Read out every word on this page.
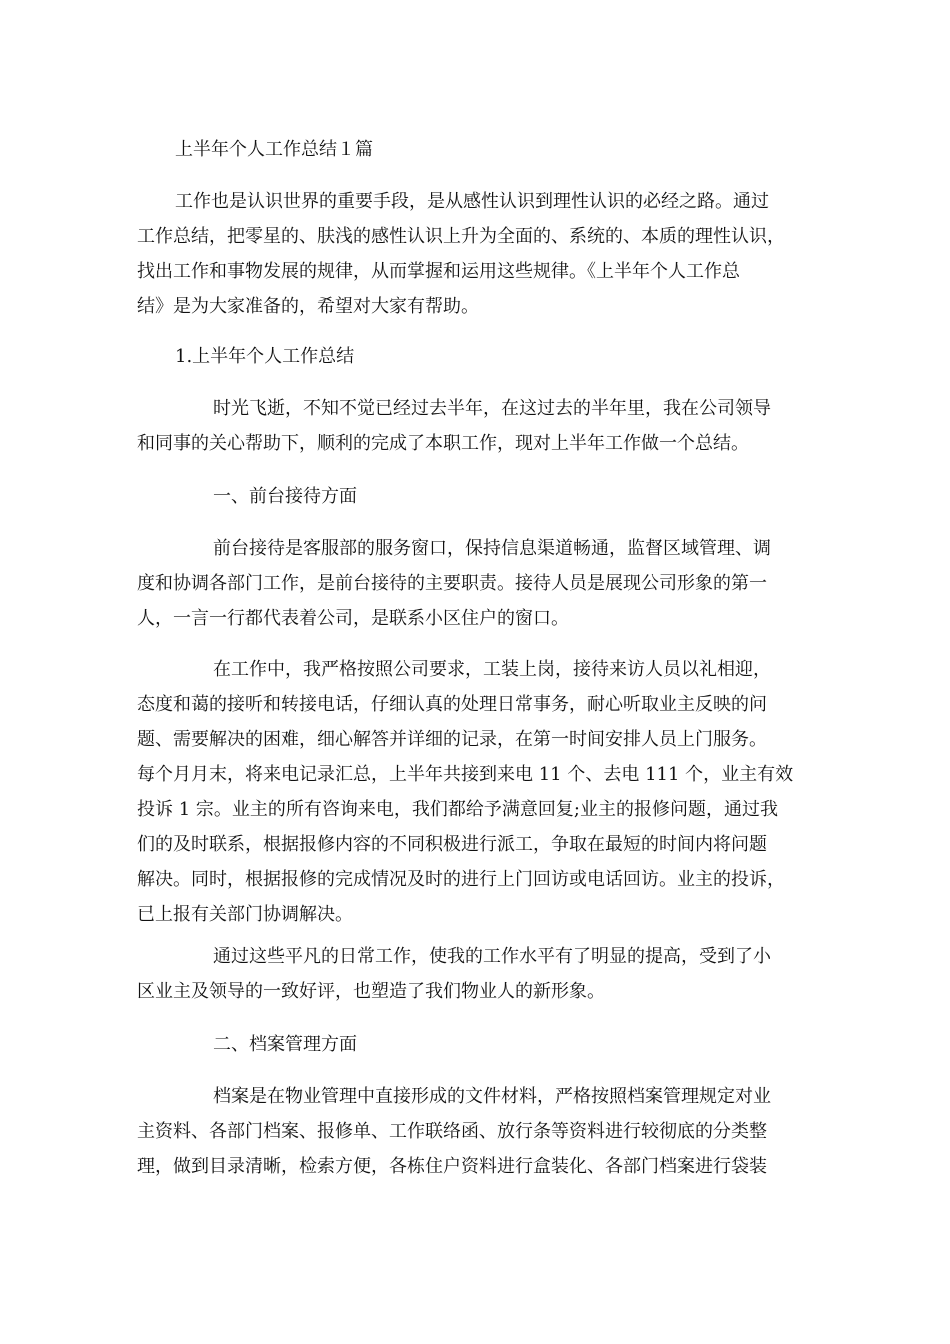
上半年个人工作总结１篇

工作也是认识世界的重要手段，是从感性认识到理性认识的必经之路。通过
工作总结，把零星的、肤浅的感性认识上升为全面的、系统的、本质的理性认识，
找出工作和事物发展的规律，从而掌握和运用这些规律。《上半年个人工作总
结》是为大家准备的，希望对大家有帮助。

1.上半年个人工作总结

时光飞逝，不知不觉已经过去半年，在这过去的半年里，我在公司领导
和同事的关心帮助下，顺利的完成了本职工作，现对上半年工作做一个总结。

一、前台接待方面

前台接待是客服部的服务窗口，保持信息渠道畅通，监督区域管理、调
度和协调各部门工作，是前台接待的主要职责。接待人员是展现公司形象的第一
人，一言一行都代表着公司，是联系小区住户的窗口。
在工作中，我严格按照公司要求，工装上岗，接待来访人员以礼相迎，
态度和蔼的接听和转接电话，仔细认真的处理日常事务，耐心听取业主反映的问
题、需要解决的困难，细心解答并详细的记录，在第一时间安排人员上门服务。
每个月月末，将来电记录汇总，上半年共接到来电 11 个、去电 111 个，业主有效
投诉 1 宗。业主的所有咨询来电，我们都给予满意回复;业主的报修问题，通过我
们的及时联系，根据报修内容的不同积极进行派工，争取在最短的时间内将问题
解决。同时，根据报修的完成情况及时的进行上门回访或电话回访。业主的投诉，
已上报有关部门协调解决。
通过这些平凡的日常工作，使我的工作水平有了明显的提高，受到了小
区业主及领导的一致好评，也塑造了我们物业人的新形象。

二、档案管理方面

档案是在物业管理中直接形成的文件材料，严格按照档案管理规定对业
主资料、各部门档案、报修单、工作联络函、放行条等资料进行较彻底的分类整
理，做到目录清晰，检索方便，各栋住户资料进行盒装化、各部门档案进行袋装
